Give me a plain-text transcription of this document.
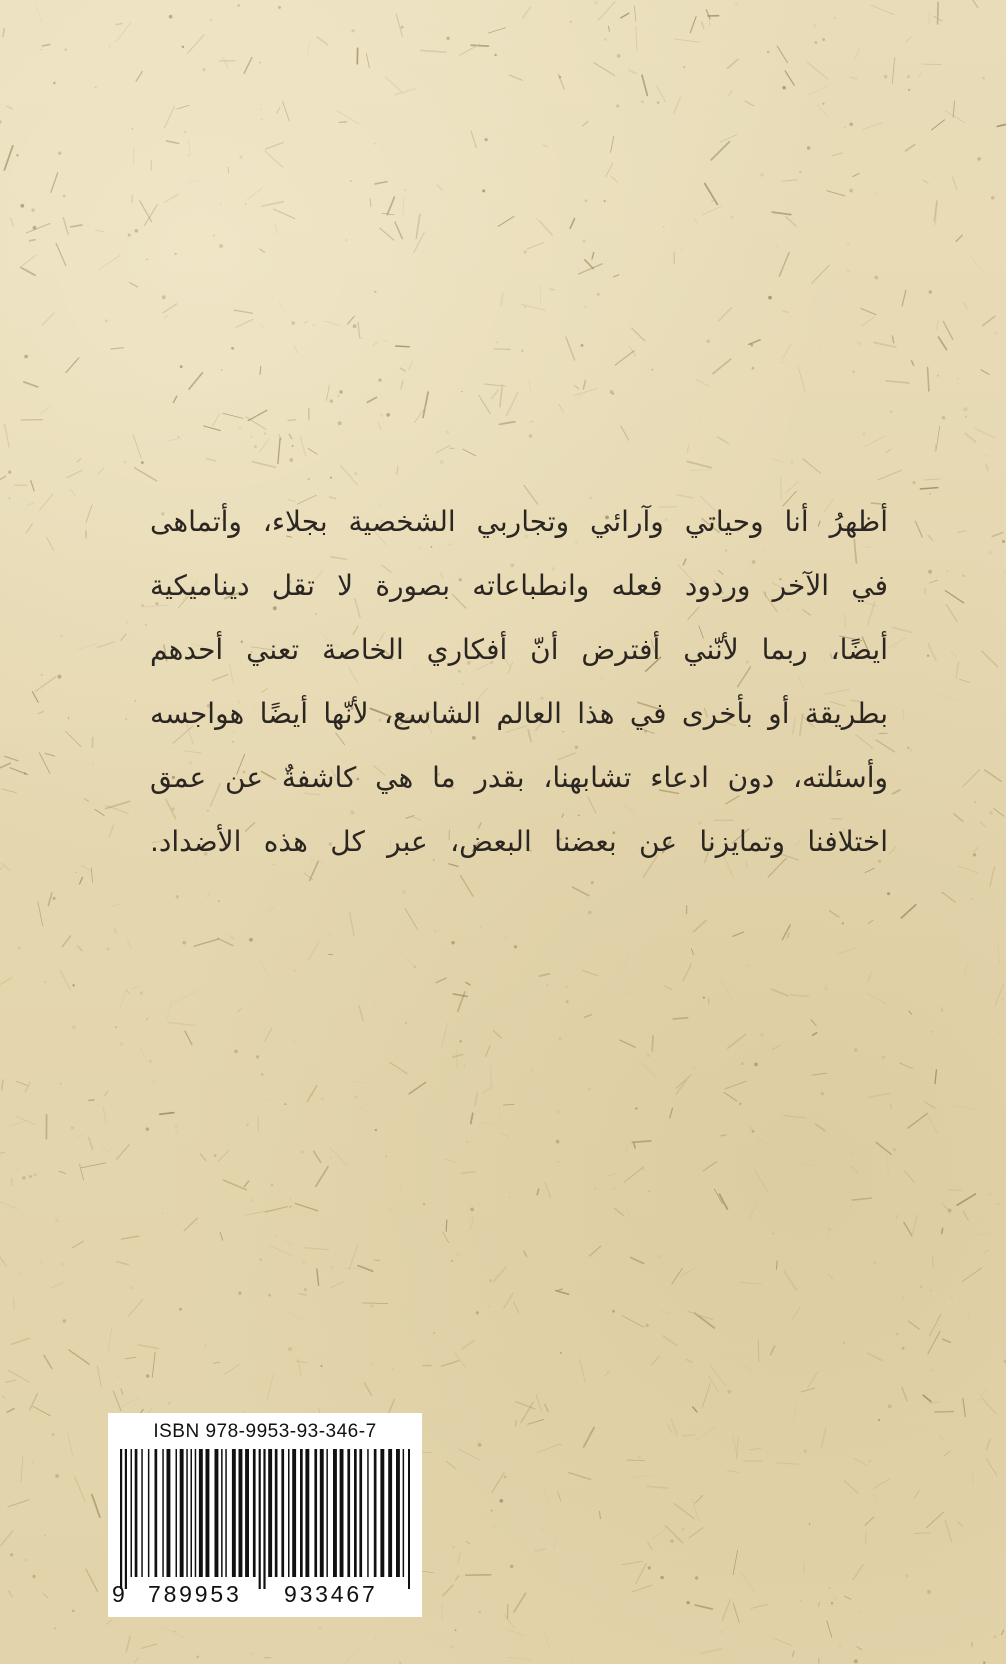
أظهرُ أنا وحياتي وآرائي وتجاربي الشخصية بجلاء، وأتماهى
في الآخر وردود فعله وانطباعاته بصورة لا تقل ديناميكية
أيضًا، ربما لأنّني أفترض أنّ أفكاري الخاصة تعني أحدهم
بطريقة أو بأخرى في هذا العالم الشاسع، لأنّها أيضًا هواجسه
وأسئلته، دون ادعاء تشابهنا، بقدر ما هي كاشفةٌ عن عمق
اختلافنا وتمايزنا عن بعضنا البعض، عبر كل هذه الأضداد.
ISBN 978-9953-93-346-7
9 789953 933467
